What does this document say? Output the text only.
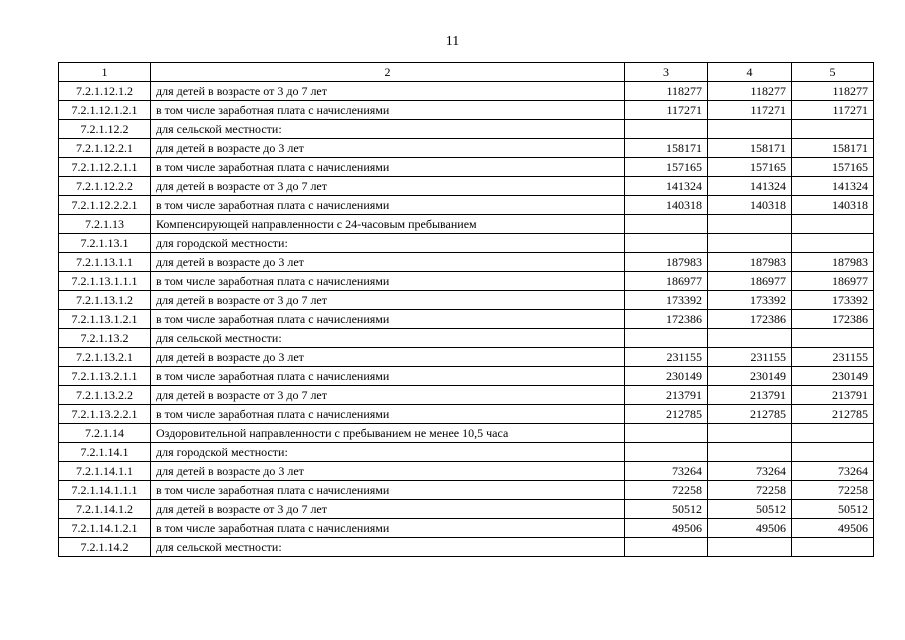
11
1	2	3	4	5
7.2.1.12.1.2	для детей в возрасте от 3 до 7 лет	118277	118277	118277
7.2.1.12.1.2.1	в том числе заработная плата с начислениями	117271	117271	117271
7.2.1.12.2	для сельской местности:			
7.2.1.12.2.1	для детей в возрасте до 3 лет	158171	158171	158171
7.2.1.12.2.1.1	в том числе заработная плата с начислениями	157165	157165	157165
7.2.1.12.2.2	для детей в возрасте от 3 до 7 лет	141324	141324	141324
7.2.1.12.2.2.1	в том числе заработная плата с начислениями	140318	140318	140318
7.2.1.13	Компенсирующей направленности с 24-часовым пребыванием			
7.2.1.13.1	для городской местности:			
7.2.1.13.1.1	для детей в возрасте до 3 лет	187983	187983	187983
7.2.1.13.1.1.1	в том числе заработная плата с начислениями	186977	186977	186977
7.2.1.13.1.2	для детей в возрасте от 3 до 7 лет	173392	173392	173392
7.2.1.13.1.2.1	в том числе заработная плата с начислениями	172386	172386	172386
7.2.1.13.2	для сельской местности:			
7.2.1.13.2.1	для детей в возрасте до 3 лет	231155	231155	231155
7.2.1.13.2.1.1	в том числе заработная плата с начислениями	230149	230149	230149
7.2.1.13.2.2	для детей в возрасте от 3 до 7 лет	213791	213791	213791
7.2.1.13.2.2.1	в том числе заработная плата с начислениями	212785	212785	212785
7.2.1.14	Оздоровительной направленности с пребыванием не менее 10,5 часа			
7.2.1.14.1	для городской местности:			
7.2.1.14.1.1	для детей в возрасте до 3 лет	73264	73264	73264
7.2.1.14.1.1.1	в том числе заработная плата с начислениями	72258	72258	72258
7.2.1.14.1.2	для детей в возрасте от 3 до 7 лет	50512	50512	50512
7.2.1.14.1.2.1	в том числе заработная плата с начислениями	49506	49506	49506
7.2.1.14.2	для сельской местности:			
